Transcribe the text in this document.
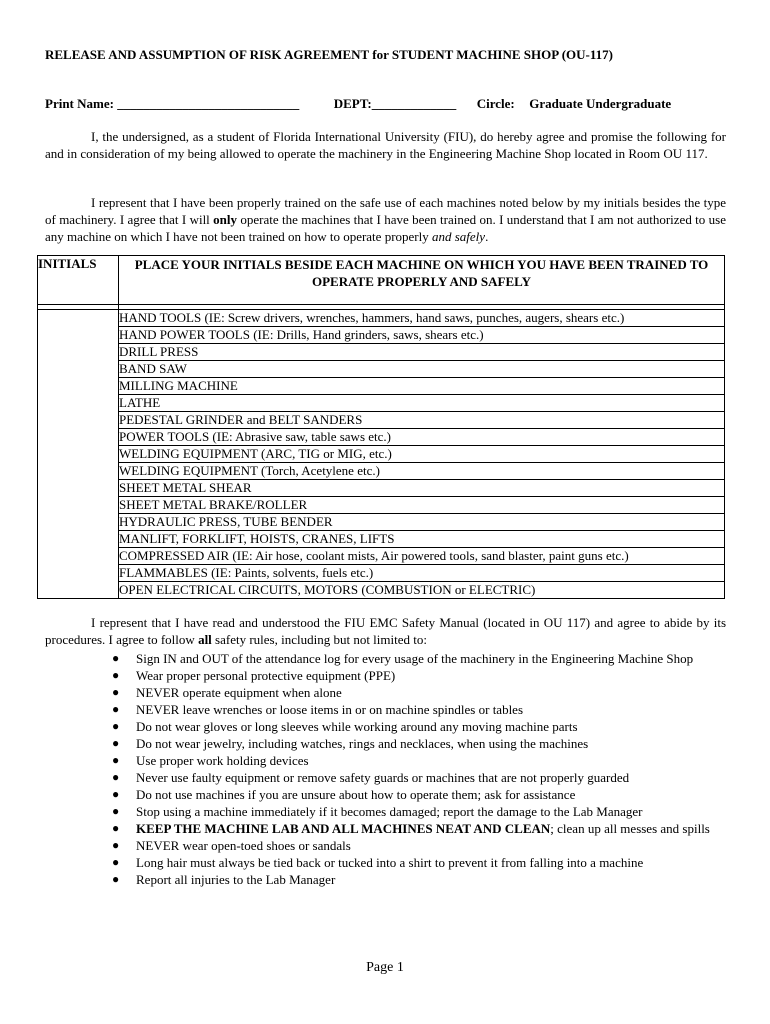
RELEASE AND ASSUMPTION OF RISK AGREEMENT for STUDENT MACHINE SHOP (OU-117)
Print Name: ____________________________	DEPT:_____________ Circle: Graduate Undergraduate
I, the undersigned, as a student of Florida International University (FIU), do hereby agree and promise the following for and in consideration of my being allowed to operate the machinery in the Engineering Machine Shop located in Room OU 117.
I represent that I have been properly trained on the safe use of each machines noted below by my initials besides the type of machinery. I agree that I will only operate the machines that I have been trained on. I understand that I am not authorized to use any machine on which I have not been trained on how to operate properly and safely.
INITIALS	PLACE YOUR INITIALS BESIDE EACH MACHINE ON WHICH YOU HAVE BEEN TRAINED TO OPERATE PROPERLY AND SAFELY

	HAND TOOLS (IE: Screw drivers, wrenches, hammers, hand saws, punches, augers, shears etc.)
	HAND POWER TOOLS (IE: Drills, Hand grinders, saws, shears etc.)
	DRILL PRESS
	BAND SAW
	MILLING MACHINE
	LATHE
	PEDESTAL GRINDER and BELT SANDERS
	POWER TOOLS (IE: Abrasive saw, table saws etc.)
	WELDING EQUIPMENT (ARC, TIG or MIG, etc.)
	WELDING EQUIPMENT (Torch, Acetylene etc.)
	SHEET METAL SHEAR
	SHEET METAL BRAKE/ROLLER
	HYDRAULIC PRESS, TUBE BENDER
	MANLIFT, FORKLIFT, HOISTS, CRANES, LIFTS
	COMPRESSED AIR (IE: Air hose, coolant mists, Air powered tools, sand blaster, paint guns etc.)
	FLAMMABLES (IE: Paints, solvents, fuels etc.)
	OPEN ELECTRICAL CIRCUITS, MOTORS (COMBUSTION or ELECTRIC)
I represent that I have read and understood the FIU EMC Safety Manual (located in OU 117) and agree to abide by its procedures. I agree to follow all safety rules, including but not limited to:
● Sign IN and OUT of the attendance log for every usage of the machinery in the Engineering Machine Shop
● Wear proper personal protective equipment (PPE)
● NEVER operate equipment when alone
● NEVER leave wrenches or loose items in or on machine spindles or tables
● Do not wear gloves or long sleeves while working around any moving machine parts
● Do not wear jewelry, including watches, rings and necklaces, when using the machines
● Use proper work holding devices
● Never use faulty equipment or remove safety guards or machines that are not properly guarded
● Do not use machines if you are unsure about how to operate them; ask for assistance
● Stop using a machine immediately if it becomes damaged; report the damage to the Lab Manager
● KEEP THE MACHINE LAB AND ALL MACHINES NEAT AND CLEAN; clean up all messes and spills
● NEVER wear open-toed shoes or sandals
● Long hair must always be tied back or tucked into a shirt to prevent it from falling into a machine
● Report all injuries to the Lab Manager
Page 1
